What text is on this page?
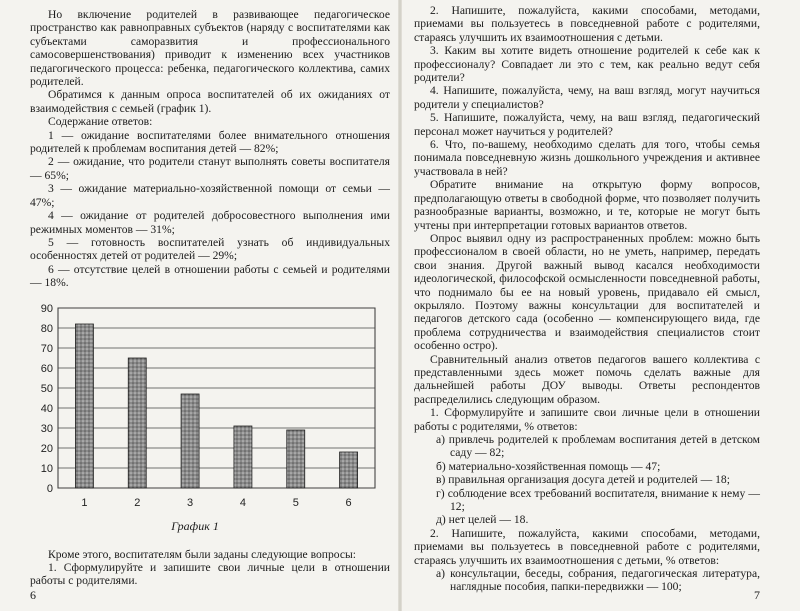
Но включение родителей в развивающее педагогическое пространство как равноправных субъектов (наряду с воспитателями как субъектами саморазвития и профессионального самосовершенствования) приводит к изменению всех участников педагогического процесса: ребенка, педагогического коллектива, самих родителей.

Обратимся к данным опроса воспитателей об их ожиданиях от взаимодействия с семьей (график 1).

Содержание ответов:

1 — ожидание воспитателями более внимательного отношения родителей к проблемам воспитания детей — 82%;

2 — ожидание, что родители станут выполнять советы воспитателя — 65%;

3 — ожидание материально-хозяйственной помощи от семьи — 47%;

4 — ожидание от родителей добросовестного выполнения ими режимных моментов — 31%;

5 — готовность воспитателей узнать об индивидуальных особенностях детей от родителей — 29%;

6 — отсутствие целей в отношении работы с семьей и родителями — 18%.

0
10
20
30
40
50
60
70
80
90
1	2	3	4	5	6

График 1

Кроме этого, воспитателям были заданы следующие вопросы:

1. Сформулируйте и запишите свои личные цели в отношении работы с родителями.

6

2. Напишите, пожалуйста, какими способами, методами, приемами вы пользуетесь в повседневной работе с родителями, стараясь улучшить их взаимоотношения с детьми.

3. Каким вы хотите видеть отношение родителей к себе как к профессионалу? Совпадает ли это с тем, как реально ведут себя родители?

4. Напишите, пожалуйста, чему, на ваш взгляд, могут научиться родители у специалистов?

5. Напишите, пожалуйста, чему, на ваш взгляд, педагогический персонал может научиться у родителей?

6. Что, по-вашему, необходимо сделать для того, чтобы семья понимала повседневную жизнь дошкольного учреждения и активнее участвовала в ней?

Обратите внимание на открытую форму вопросов, предполагающую ответы в свободной форме, что позволяет получить разнообразные варианты, возможно, и те, которые не могут быть учтены при интерпретации готовых вариантов ответов.

Опрос выявил одну из распространенных проблем: можно быть профессионалом в своей области, но не уметь, например, передать свои знания. Другой важный вывод касался необходимости идеологической, философской осмысленности повседневной работы, что поднимало бы ее на новый уровень, придавало ей смысл, окрыляло. Поэтому важны консультации для воспитателей и педагогов детского сада (особенно — компенсирующего вида, где проблема сотрудничества и взаимодействия специалистов стоит особенно остро).

Сравнительный анализ ответов педагогов вашего коллектива с представленными здесь может помочь сделать важные для дальнейшей работы ДОУ выводы. Ответы респондентов распределились следующим образом.

1. Сформулируйте и запишите свои личные цели в отношении работы с родителями, % ответов:

а) привлечь родителей к проблемам воспитания детей в детском саду — 82;

б) материально-хозяйственная помощь — 47;

в) правильная организация досуга детей и родителей — 18;

г) соблюдение всех требований воспитателя, внимание к нему — 12;

д) нет целей — 18.

2. Напишите, пожалуйста, какими способами, методами, приемами вы пользуетесь в повседневной работе с родителями, стараясь улучшить их взаимоотношения с детьми, % ответов:

а) консультации, беседы, собрания, педагогическая литература, наглядные пособия, папки-передвижки — 100;

7
